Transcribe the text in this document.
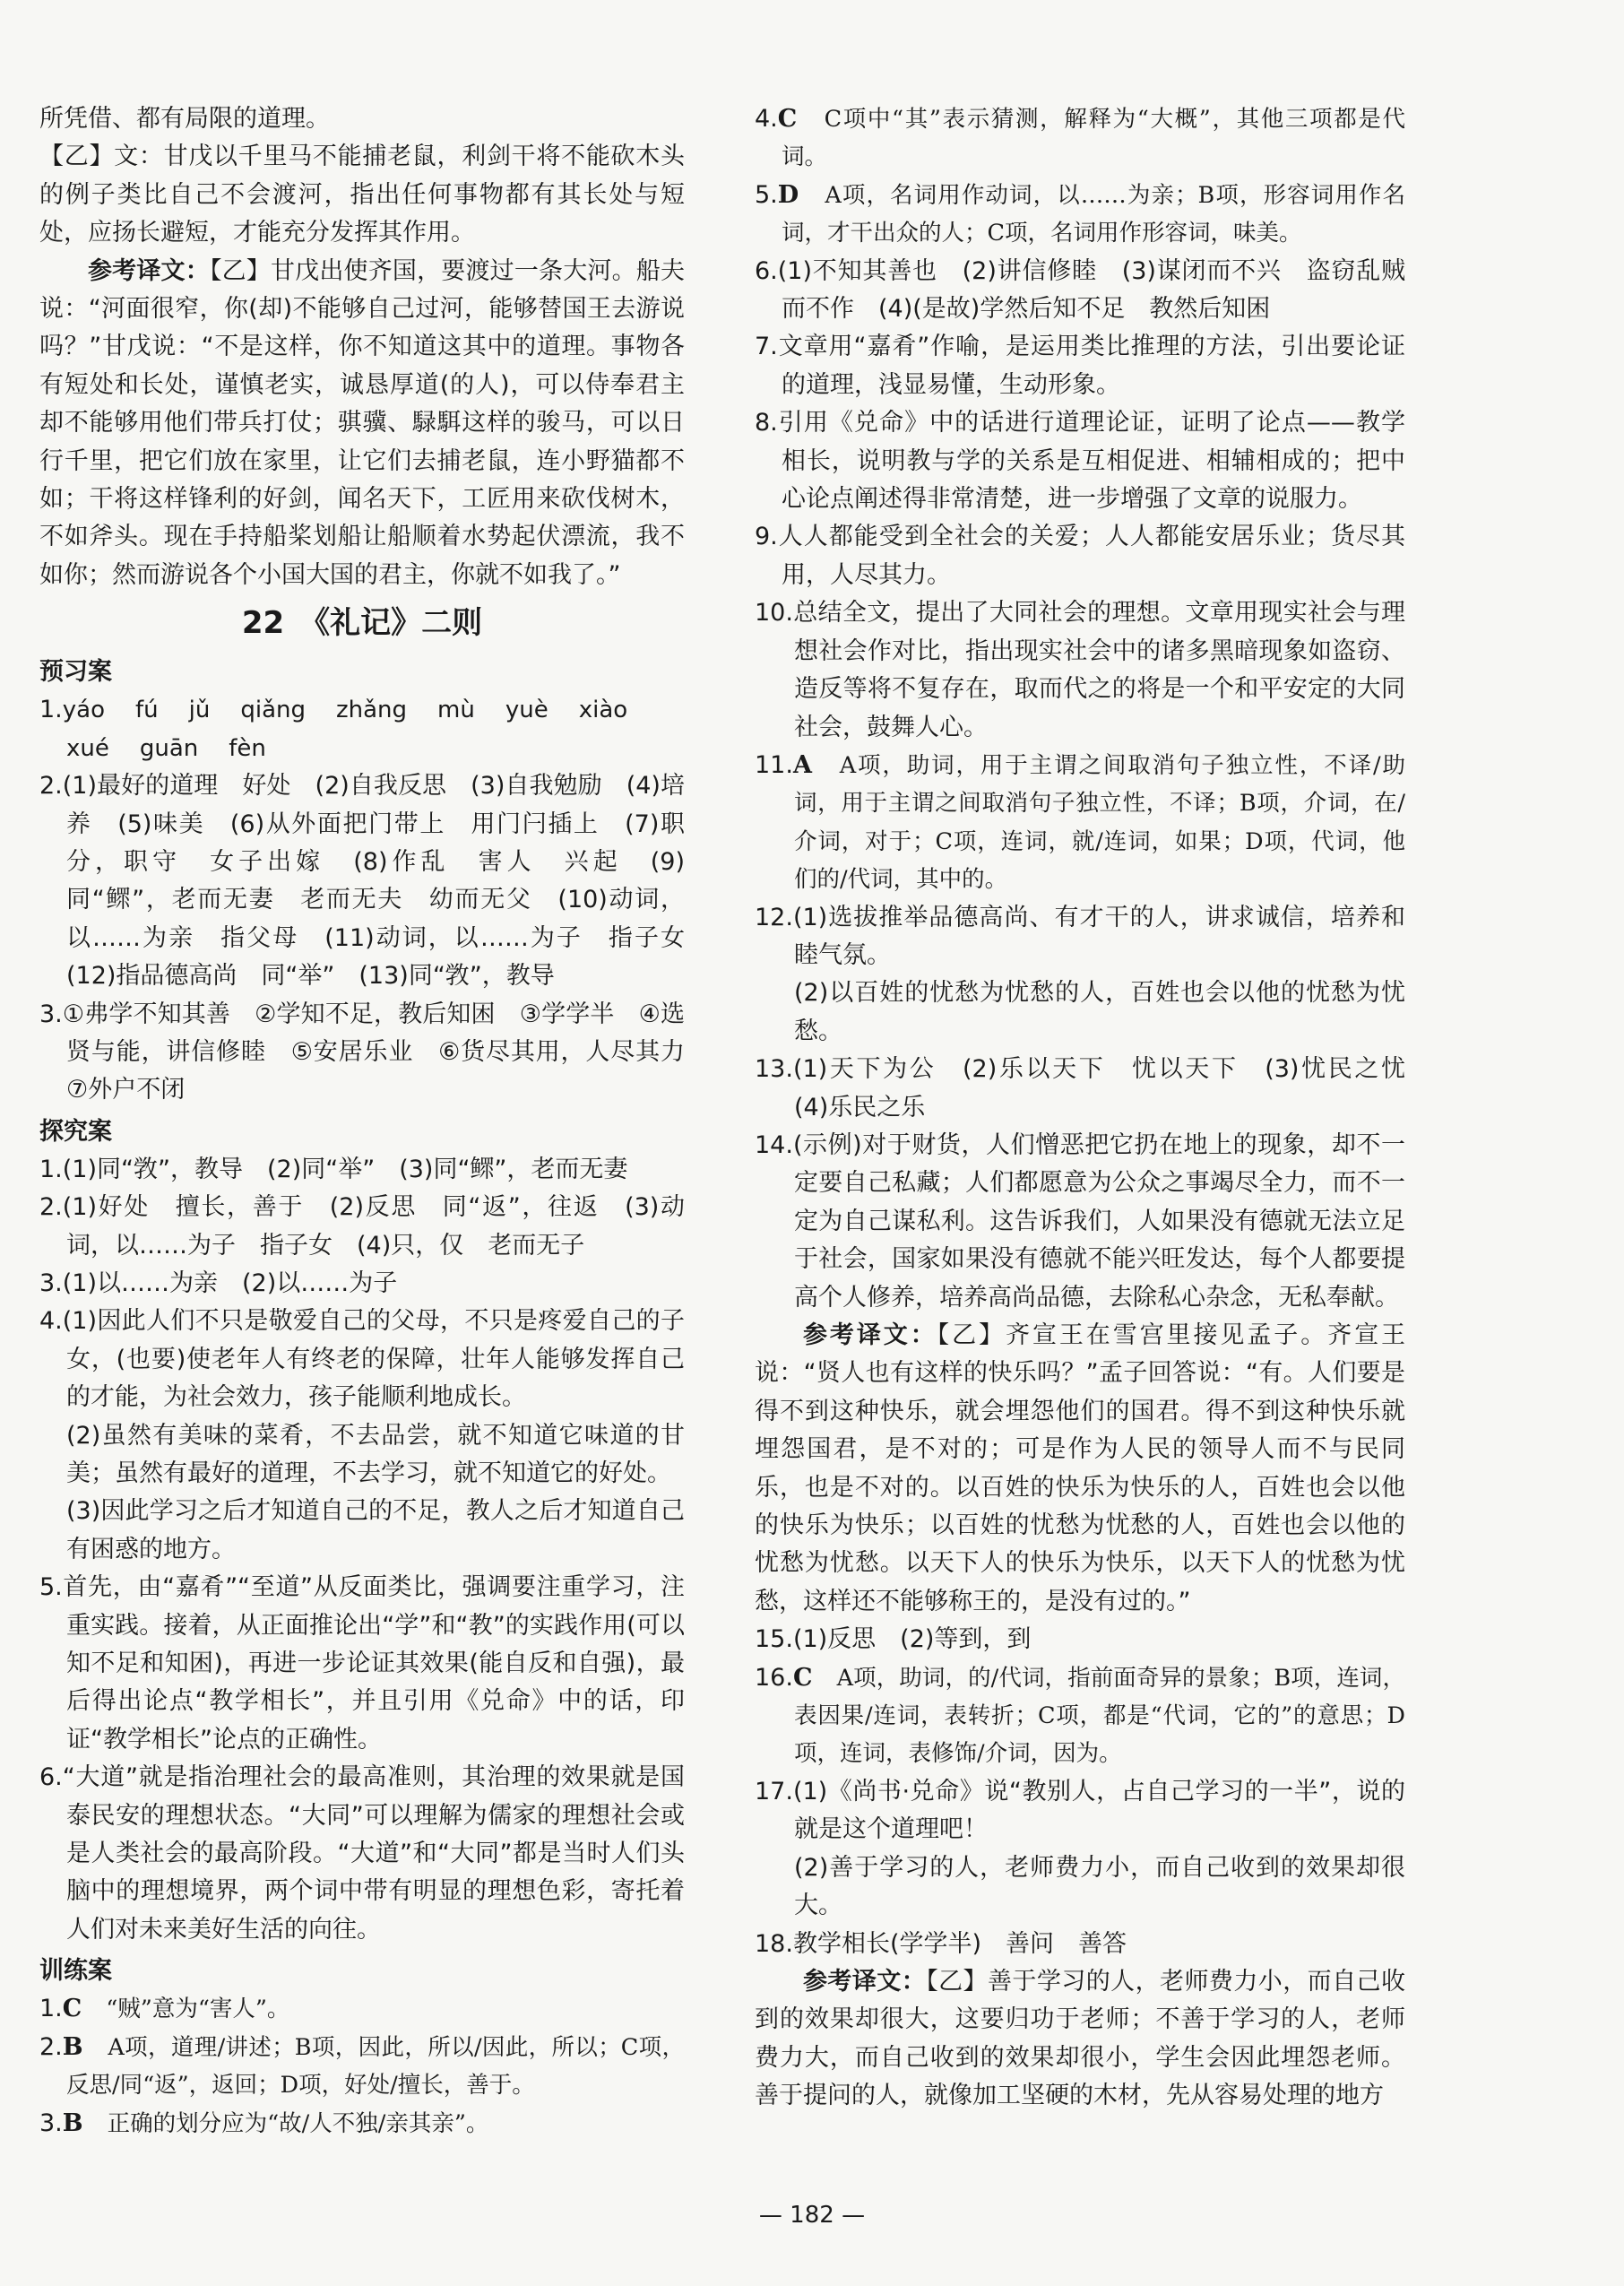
所凭借、都有局限的道理。

【乙】文：甘戊以千里马不能捕老鼠，利剑干将不能砍木头的例子类比自己不会渡河，指出任何事物都有其长处与短处，应扬长避短，才能充分发挥其作用。

参考译文：【乙】甘戊出使齐国，要渡过一条大河。船夫说：“河面很窄，你(却)不能够自己过河，能够替国王去游说吗？”甘戊说：“不是这样，你不知道这其中的道理。事物各有短处和长处，谨慎老实，诚恳厚道(的人)，可以侍奉君主却不能够用他们带兵打仗；骐骥、騄駬这样的骏马，可以日行千里，把它们放在家里，让它们去捕老鼠，连小野猫都不如；干将这样锋利的好剑，闻名天下，工匠用来砍伐树木，不如斧头。现在手持船桨划船让船顺着水势起伏漂流，我不如你；然而游说各个小国大国的君主，你就不如我了。”

22　《礼记》二则
预习案

1.yáo fú jǔ qiǎng zhǎng mù yuè xiào xué guān fèn

2.(1)最好的道理　好处　(2)自我反思　(3)自我勉励　(4)培养　(5)味美　(6)从外面把门带上　用门闩插上　(7)职分，职守　女子出嫁　(8)作乱　害人　兴起　(9)同“鳏”，老而无妻　老而无夫　幼而无父　(10)动词，以……为亲　指父母　(11)动词，以……为子　指子女　(12)指品德高尚　同“举”　(13)同“敩”，教导

3.①弗学不知其善　②学知不足，教后知困　③学学半　④选贤与能，讲信修睦　⑤安居乐业　⑥货尽其用，人尽其力　⑦外户不闭

探究案

1.(1)同“敩”，教导　(2)同“举”　(3)同“鳏”，老而无妻

2.(1)好处　擅长，善于　(2)反思　同“返”，往返　(3)动词，以……为子　指子女　(4)只，仅　老而无子

3.(1)以……为亲　(2)以……为子

4.(1)因此人们不只是敬爱自己的父母，不只是疼爱自己的子女，(也要)使老年人有终老的保障，壮年人能够发挥自己的才能，为社会效力，孩子能顺利地成长。

(2)虽然有美味的菜肴，不去品尝，就不知道它味道的甘美；虽然有最好的道理，不去学习，就不知道它的好处。

(3)因此学习之后才知道自己的不足，教人之后才知道自己有困惑的地方。

5.首先，由“嘉肴”“至道”从反面类比，强调要注重学习，注重实践。接着，从正面推论出“学”和“教”的实践作用(可以知不足和知困)，再进一步论证其效果(能自反和自强)，最后得出论点“教学相长”，并且引用《兑命》中的话，印证“教学相长”论点的正确性。

6.“大道”就是指治理社会的最高准则，其治理的效果就是国泰民安的理想状态。“大同”可以理解为儒家的理想社会或是人类社会的最高阶段。“大道”和“大同”都是当时人们头脑中的理想境界，两个词中带有明显的理想色彩，寄托着人们对未来美好生活的向往。

训练案

1.C　 “贼”意为“害人”。

2.B　 A项，道理/讲述；B项，因此，所以/因此，所以；C项，反思/同“返”，返回；D项，好处/擅长，善于。

3.B　 正确的划分应为“故/人不独/亲其亲”。

4.C　 C项中“其”表示猜测，解释为“大概”，其他三项都是代词。

5.D　 A项，名词用作动词，以……为亲；B项，形容词用作名词，才干出众的人；C项，名词用作形容词，味美。

6.(1)不知其善也　(2)讲信修睦　(3)谋闭而不兴　盗窃乱贼而不作　(4)(是故)学然后知不足　教然后知困

7.文章用“嘉肴”作喻，是运用类比推理的方法，引出要论证的道理，浅显易懂，生动形象。

8.引用《兑命》中的话进行道理论证，证明了论点——教学相长，说明教与学的关系是互相促进、相辅相成的；把中心论点阐述得非常清楚，进一步增强了文章的说服力。

9.人人都能受到全社会的关爱；人人都能安居乐业；货尽其用，人尽其力。

10.总结全文，提出了大同社会的理想。文章用现实社会与理想社会作对比，指出现实社会中的诸多黑暗现象如盗窃、造反等将不复存在，取而代之的将是一个和平安定的大同社会，鼓舞人心。

11.A　 A项，助词，用于主谓之间取消句子独立性，不译/助词，用于主谓之间取消句子独立性，不译；B项，介词，在/介词，对于；C项，连词，就/连词，如果；D项，代词，他们的/代词，其中的。

12.(1)选拔推举品德高尚、有才干的人，讲求诚信，培养和睦气氛。

(2)以百姓的忧愁为忧愁的人，百姓也会以他的忧愁为忧愁。

13.(1)天下为公　(2)乐以天下　忧以天下　(3)忧民之忧　(4)乐民之乐

14.(示例)对于财货，人们憎恶把它扔在地上的现象，却不一定要自己私藏；人们都愿意为公众之事竭尽全力，而不一定为自己谋私利。这告诉我们，人如果没有德就无法立足于社会，国家如果没有德就不能兴旺发达，每个人都要提高个人修养，培养高尚品德，去除私心杂念，无私奉献。

参考译文：【乙】齐宣王在雪宫里接见孟子。齐宣王说：“贤人也有这样的快乐吗？”孟子回答说：“有。人们要是得不到这种快乐，就会埋怨他们的国君。得不到这种快乐就埋怨国君，是不对的；可是作为人民的领导人而不与民同乐，也是不对的。以百姓的快乐为快乐的人，百姓也会以他的快乐为快乐；以百姓的忧愁为忧愁的人，百姓也会以他的忧愁为忧愁。以天下人的快乐为快乐，以天下人的忧愁为忧愁，这样还不能够称王的，是没有过的。”

15.(1)反思　(2)等到，到

16.C　 A项，助词，的/代词，指前面奇异的景象；B项，连词，表因果/连词，表转折；C项，都是“代词，它的”的意思；D项，连词，表修饰/介词，因为。

17.(1)《尚书·兑命》说“教别人，占自己学习的一半”，说的就是这个道理吧！

(2)善于学习的人，老师费力小，而自己收到的效果却很大。

18.教学相长(学学半)　善问　善答

参考译文：【乙】善于学习的人，老师费力小，而自己收到的效果却很大，这要归功于老师；不善于学习的人，老师费力大，而自己收到的效果却很小，学生会因此埋怨老师。善于提问的人，就像加工坚硬的木材，先从容易处理的地方

— 182 —
